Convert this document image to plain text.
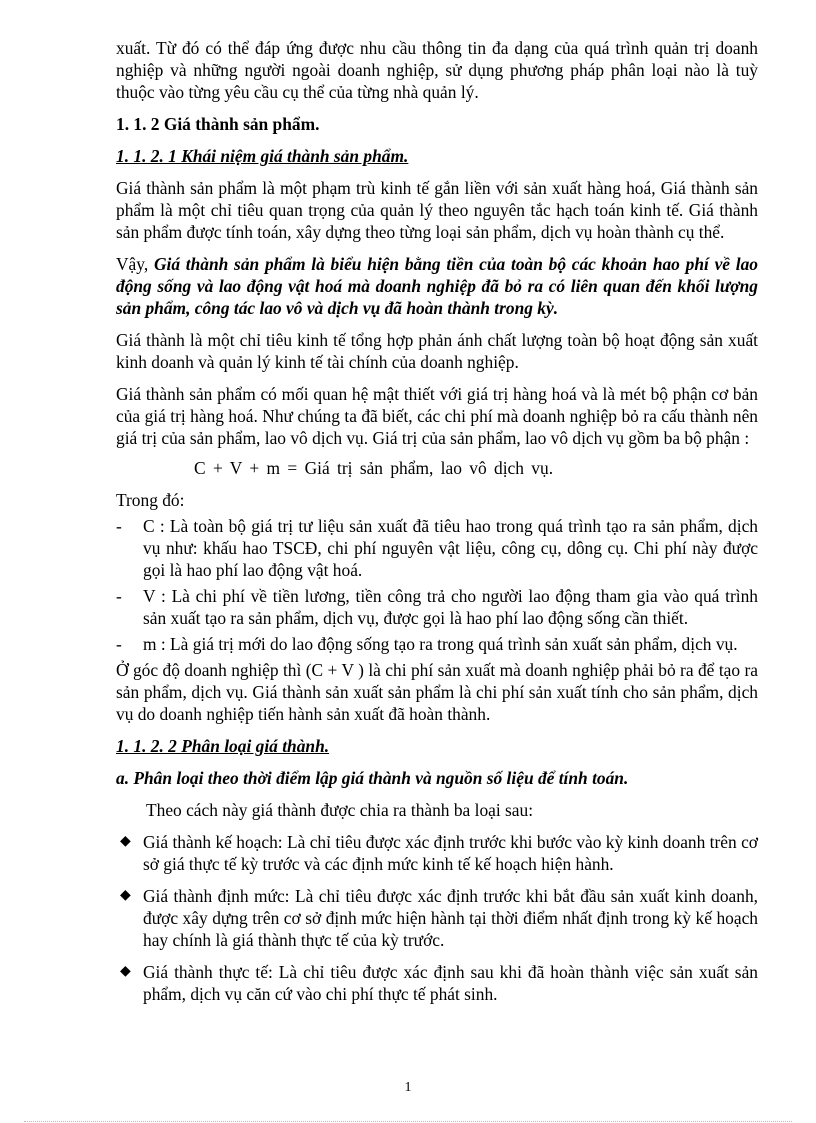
xuất. Từ đó có thể đáp ứng được nhu cầu thông tin đa dạng của quá trình quản trị doanh nghiệp và những người ngoài doanh nghiệp, sử dụng phương pháp phân loại nào là tuỳ thuộc vào từng yêu cầu cụ thể của từng nhà quản lý.

1. 1. 2 Giá thành sản phẩm.

1. 1. 2. 1 Khái niệm giá thành sản phẩm.

Giá thành sản phẩm là một phạm trù kinh tế gắn liền với sản xuất hàng hoá, Giá thành sản phẩm là một chỉ tiêu quan trọng của quản lý theo nguyên tắc hạch toán kinh tế. Giá thành sản phẩm được tính toán, xây dựng theo từng loại sản phẩm, dịch vụ hoàn thành cụ thể.

Vậy, Giá thành sản phẩm là biểu hiện bằng tiền của toàn bộ các khoản hao phí về lao động sống và lao động vật hoá mà doanh nghiệp đã bỏ ra có liên quan đến khối lượng sản phẩm, công tác lao vô và dịch vụ đã hoàn thành trong kỳ.

Giá thành là một chỉ tiêu kinh tế tổng hợp phản ánh chất lượng toàn bộ hoạt động sản xuất kinh doanh và quản lý kinh tế tài chính của doanh nghiệp.

Giá thành sản phẩm có mối quan hệ mật thiết với giá trị hàng hoá và là mét bộ phận cơ bản của giá trị hàng hoá. Như chúng ta đã biết, các chi phí mà doanh nghiệp bỏ ra cấu thành nên giá trị của sản phẩm, lao vô dịch vụ. Giá trị của sản phẩm, lao vô dịch vụ gồm ba bộ phận :

C + V + m = Giá trị sản phẩm, lao vô dịch vụ.

Trong đó:

- C : Là toàn bộ giá trị tư liệu sản xuất đã tiêu hao trong quá trình tạo ra sản phẩm, dịch vụ như: khấu hao TSCĐ, chi phí nguyên vật liệu, công cụ, dông cụ. Chi phí này được gọi là hao phí lao động vật hoá.

- V : Là chi phí về tiền lương, tiền công trả cho người lao động tham gia vào quá trình sản xuất tạo ra sản phẩm, dịch vụ, được gọi là hao phí lao động sống cần thiết.

- m : Là giá trị mới do lao động sống tạo ra trong quá trình sản xuất sản phẩm, dịch vụ.

Ở góc độ doanh nghiệp thì (C + V ) là chi phí sản xuất mà doanh nghiệp phải bỏ ra để tạo ra sản phẩm, dịch vụ. Giá thành sản xuất sản phẩm là chi phí sản xuất tính cho sản phẩm, dịch vụ do doanh nghiệp tiến hành sản xuất đã hoàn thành.

1. 1. 2. 2 Phân loại giá thành.

a. Phân loại theo thời điểm lập giá thành và nguồn số liệu để tính toán.

Theo cách này giá thành được chia ra thành ba loại sau:

◆ Giá thành kế hoạch: Là chỉ tiêu được xác định trước khi bước vào kỳ kinh doanh trên cơ sở giá thực tế kỳ trước và các định mức kinh tế kế hoạch hiện hành.

◆ Giá thành định mức: Là chỉ tiêu được xác định trước khi bắt đầu sản xuất kinh doanh, được xây dựng trên cơ sở định mức hiện hành tại thời điểm nhất định trong kỳ kế hoạch hay chính là giá thành thực tế của kỳ trước.

◆ Giá thành thực tế: Là chỉ tiêu được xác định sau khi đã hoàn thành việc sản xuất sản phẩm, dịch vụ căn cứ vào chi phí thực tế phát sinh.

1
